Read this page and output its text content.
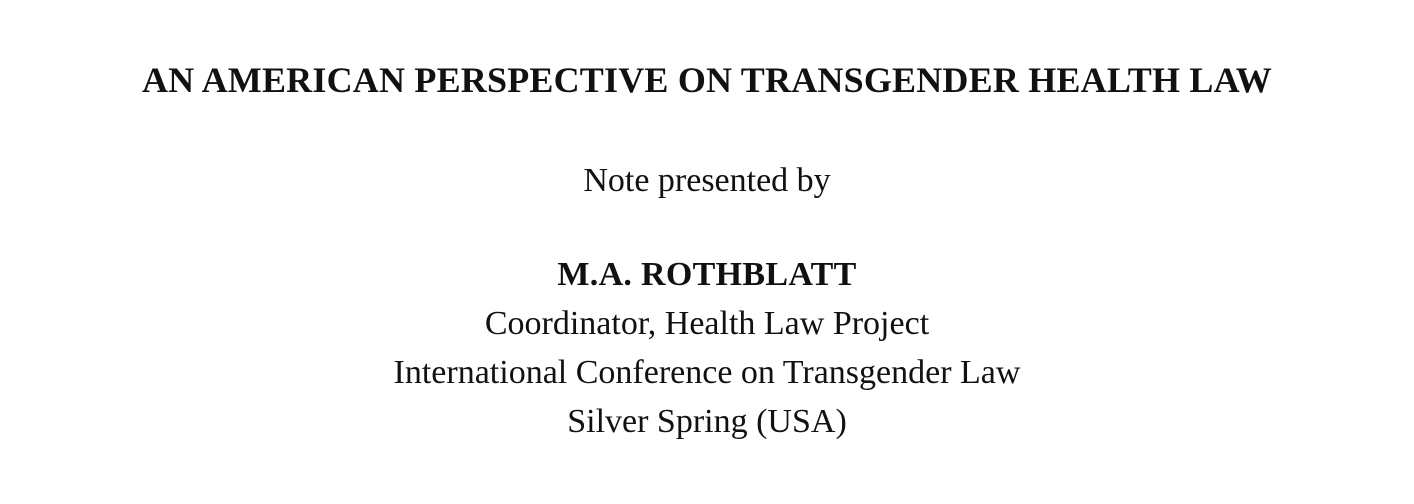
AN AMERICAN PERSPECTIVE ON TRANSGENDER HEALTH LAW
Note presented by
M.A. ROTHBLATT
Coordinator, Health Law Project
International Conference on Transgender Law
Silver Spring (USA)
